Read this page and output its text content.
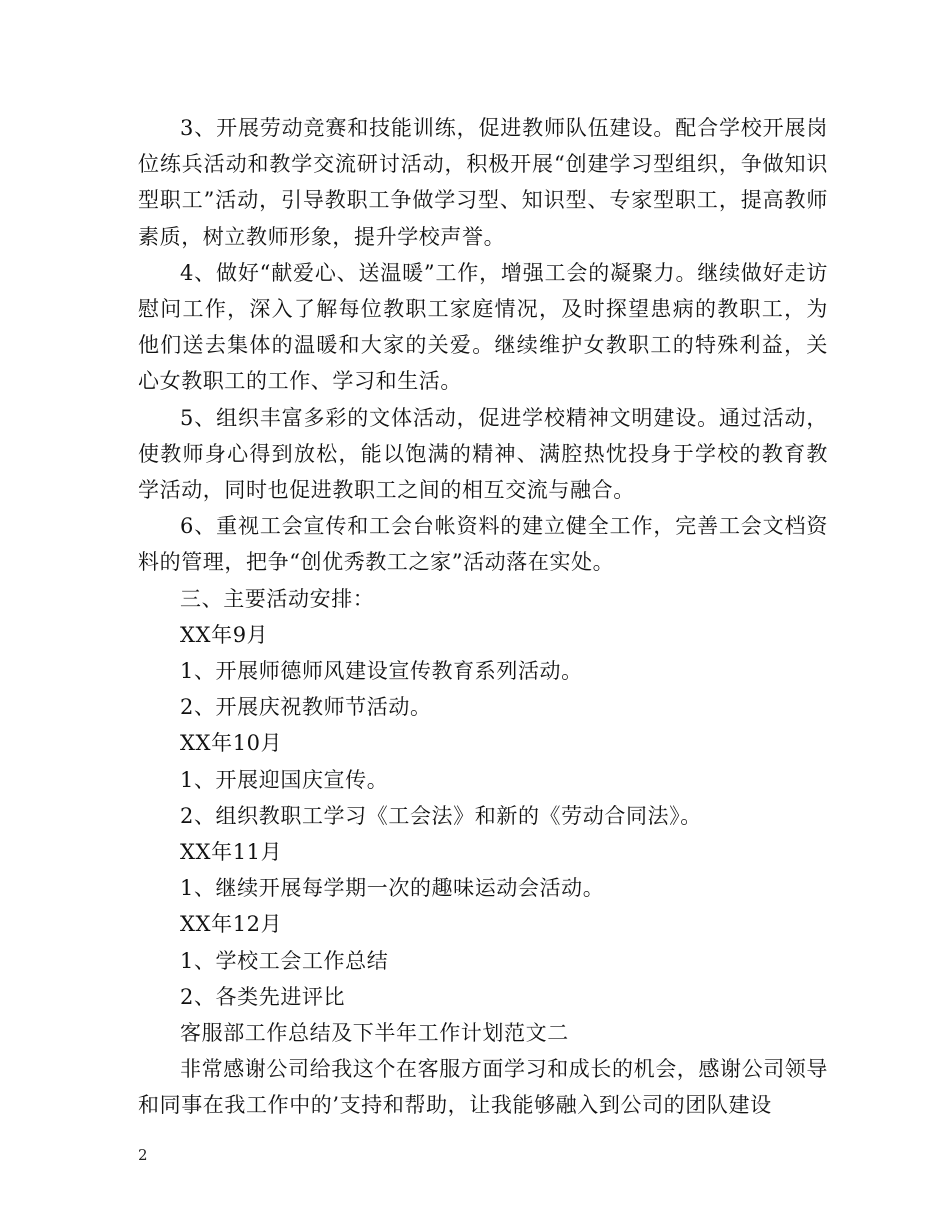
3、开展劳动竞赛和技能训练，促进教师队伍建设。配合学校开展岗位练兵活动和教学交流研讨活动，积极开展“创建学习型组织，争做知识型职工”活动，引导教职工争做学习型、知识型、专家型职工，提高教师素质，树立教师形象，提升学校声誉。

4、做好“献爱心、送温暖”工作，增强工会的凝聚力。继续做好走访慰问工作，深入了解每位教职工家庭情况，及时探望患病的教职工，为他们送去集体的温暖和大家的关爱。继续维护女教职工的特殊利益，关心女教职工的工作、学习和生活。

5、组织丰富多彩的文体活动，促进学校精神文明建设。通过活动，使教师身心得到放松，能以饱满的精神、满腔热忱投身于学校的教育教学活动，同时也促进教职工之间的相互交流与融合。

6、重视工会宣传和工会台帐资料的建立健全工作，完善工会文档资料的管理，把争“创优秀教工之家”活动落在实处。

三、主要活动安排：

XX年9月

1、开展师德师风建设宣传教育系列活动。

2、开展庆祝教师节活动。

XX年10月

1、开展迎国庆宣传。

2、组织教职工学习《工会法》和新的《劳动合同法》。

XX年11月

1、继续开展每学期一次的趣味运动会活动。

XX年12月

1、学校工会工作总结

2、各类先进评比

客服部工作总结及下半年工作计划范文二

非常感谢公司给我这个在客服方面学习和成长的机会，感谢公司领导和同事在我工作中的’支持和帮助，让我能够融入到公司的团队建设

2
